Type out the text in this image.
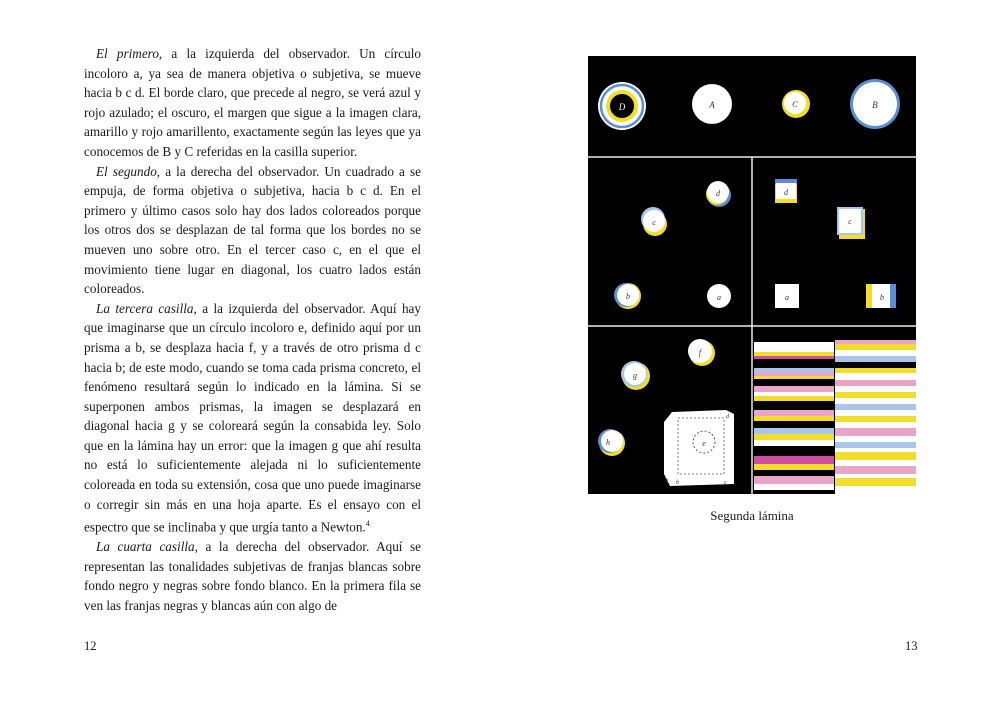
El primero, a la izquierda del observador. Un círculo incoloro a, ya sea de manera objetiva o subjetiva, se mueve hacia b c d. El borde claro, que precede al negro, se verá azul y rojo azulado; el oscuro, el margen que sigue a la imagen clara, amarillo y rojo amarillento, exactamente según las leyes que ya conocemos de B y C referidas en la casilla superior.

El segundo, a la derecha del observador. Un cuadrado a se empuja, de forma objetiva o subjetiva, hacia b c d. En el primero y último casos solo hay dos lados coloreados porque los otros dos se desplazan de tal forma que los bordes no se mueven uno sobre otro. En el tercer caso c, en el que el movimiento tiene lugar en diagonal, los cuatro lados están coloreados.

La tercera casilla, a la izquierda del observador. Aquí hay que imaginarse que un círculo incoloro e, definido aquí por un prisma a b, se desplaza hacia f, y a través de otro prisma d c hacia b; de este modo, cuando se toma cada prisma concreto, el fenómeno resultará según lo indicado en la lámina. Si se superponen ambos prismas, la imagen se desplazará en diagonal hacia g y se coloreará según la consabida ley. Solo que en la lámina hay un error: que la imagen g que ahí resulta no está lo suficientemente alejada ni lo suficientemente coloreada en toda su extensión, cosa que uno puede imaginarse o corregir sin más en una hoja aparte. Es el ensayo con el espectro que se inclinaba y que urgía tanto a Newton.$^4$

La cuarta casilla, a la derecha del observador. Aquí se representan las tonalidades subjetivas de franjas blancas sobre fondo negro y negras sobre fondo blanco. En la primera fila se ven las franjas negras y blancas aún con algo de

12
D	A	C	B
d
c
b	a
d
c
a	b
f
g
h	e
d
a b	c
Segunda lámina
13
